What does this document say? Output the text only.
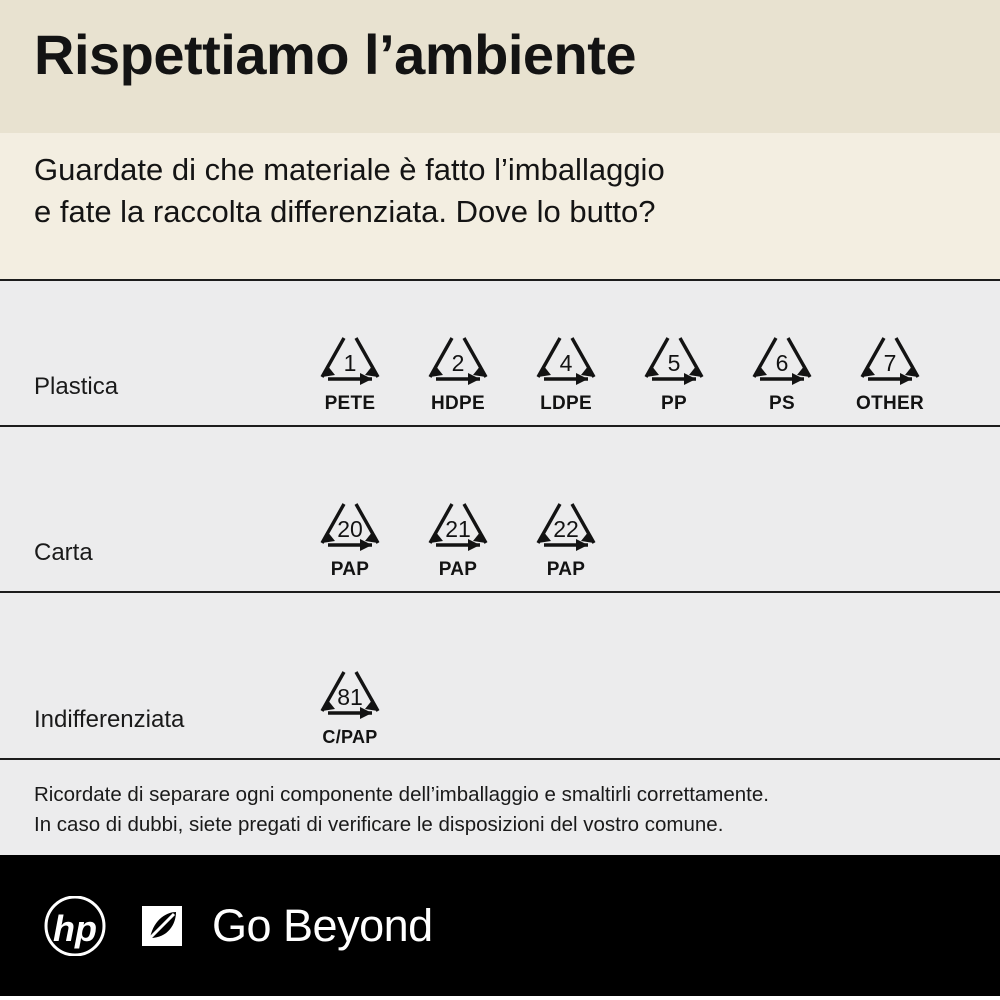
Rispettiamo l’ambiente
Guardate di che materiale è fatto l’imballaggio
e fate la raccolta differenziata. Dove lo butto?
Plastica
1
PETE
2
HDPE
4
LDPE
5
PP
6
PS
7
OTHER
Carta
20
PAP
21
PAP
22
PAP
Indifferenziata
81
C/PAP
Ricordate di separare ogni componente dell’imballaggio e smaltirli correttamente.
In caso di dubbi, siete pregati di verificare le disposizioni del vostro comune.
hp	Go Beyond
